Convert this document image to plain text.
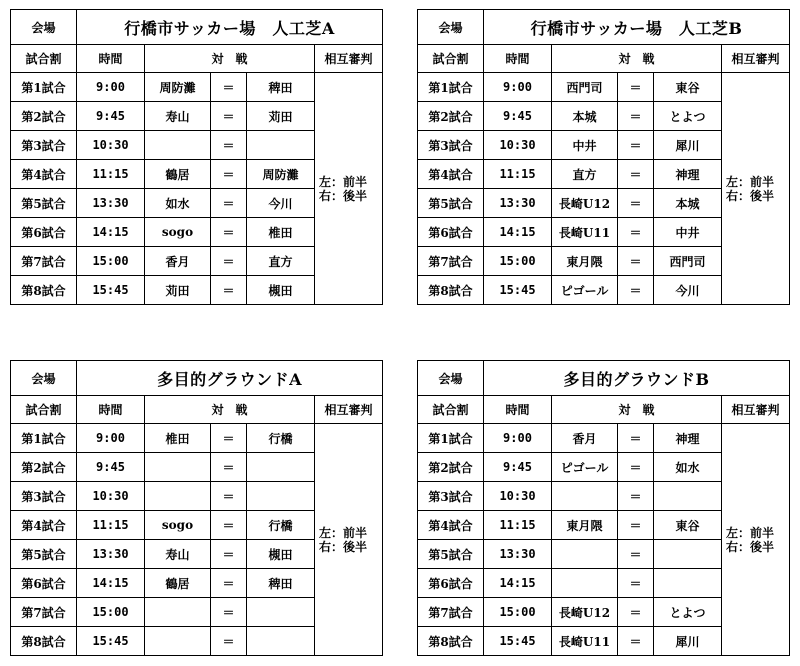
会場	行橋市サッカー場　人工芝A				
試合割	時間	対　戦			相互審判
第1試合	9:00	周防灘	＝	稗田	左：前半
右：後半

第2試合	9:45	寿山	＝	苅田	
第3試合	10:30		＝		
第4試合	11:15	鶴居	＝	周防灘	
第5試合	13:30	如水	＝	今川	
第6試合	14:15	sogo	＝	椎田	
第7試合	15:00	香月	＝	直方	
第8試合	15:45	苅田	＝	槻田	
会場	行橋市サッカー場　人工芝B				
試合割	時間	対　戦			相互審判
第1試合	9:00	西門司	＝	東谷	左：前半
右：後半

第2試合	9:45	本城	＝	とよつ	
第3試合	10:30	中井	＝	犀川	
第4試合	11:15	直方	＝	神理	
第5試合	13:30	長崎U12	＝	本城	
第6試合	14:15	長崎U11	＝	中井	
第7試合	15:00	東月隈	＝	西門司	
第8試合	15:45	ピゴール	＝	今川	
会場	多目的グラウンドA				
試合割	時間	対　戦			相互審判
第1試合	9:00	椎田	＝	行橋	左：前半
右：後半

第2試合	9:45		＝		
第3試合	10:30		＝		
第4試合	11:15	sogo	＝	行橋	
第5試合	13:30	寿山	＝	槻田	
第6試合	14:15	鶴居	＝	稗田	
第7試合	15:00		＝		
第8試合	15:45		＝		
会場	多目的グラウンドB				
試合割	時間	対　戦			相互審判
第1試合	9:00	香月	＝	神理	左：前半
右：後半

第2試合	9:45	ピゴール	＝	如水	
第3試合	10:30		＝		
第4試合	11:15	東月隈	＝	東谷	
第5試合	13:30		＝		
第6試合	14:15		＝		
第7試合	15:00	長崎U12	＝	とよつ	
第8試合	15:45	長崎U11	＝	犀川	
